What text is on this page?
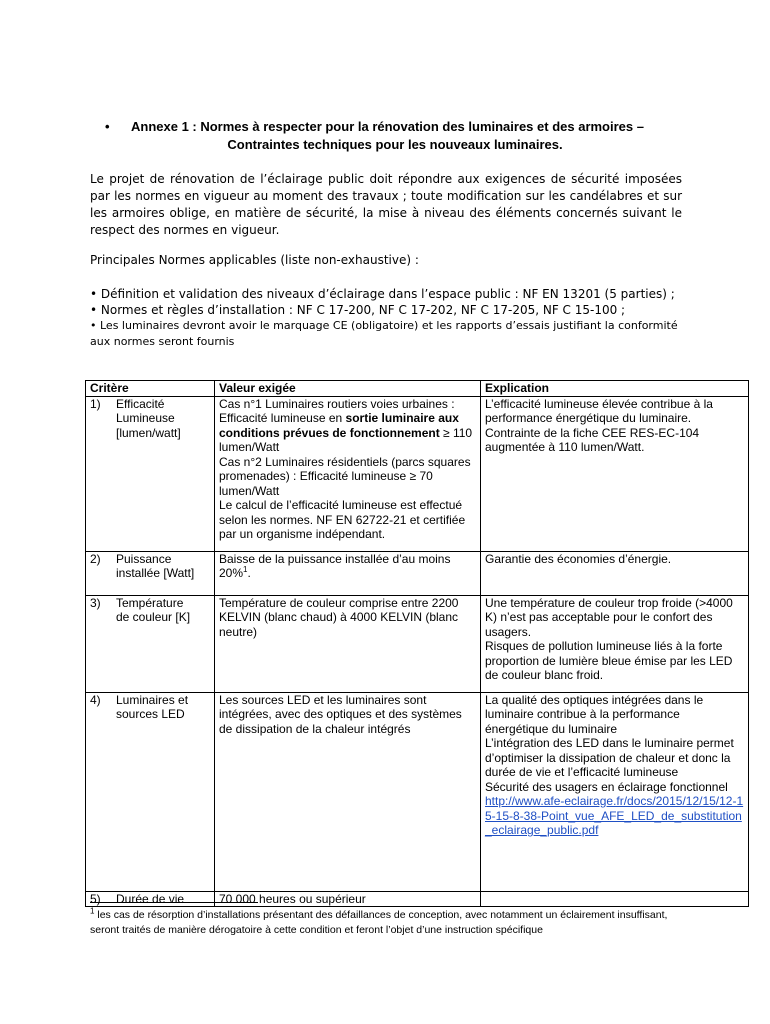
• Annexe 1 : Normes à respecter pour la rénovation des luminaires et des armoires –
Contraintes techniques pour les nouveaux luminaires.
Le projet de rénovation de l’éclairage public doit répondre aux exigences de sécurité imposées par les normes en vigueur au moment des travaux ; toute modification sur les candélabres et sur les armoires oblige, en matière de sécurité, la mise à niveau des éléments concernés suivant le respect des normes en vigueur.
Principales Normes applicables (liste non-exhaustive) :
• Définition et validation des niveaux d’éclairage dans l’espace public : NF EN 13201 (5 parties) ;
• Normes et règles d’installation : NF C 17-200, NF C 17-202, NF C 17-205, NF C 15-100 ;
• Les luminaires devront avoir le marquage CE (obligatoire) et les rapports d’essais justifiant la conformité
aux normes seront fournis
Critère	Valeur exigée	Explication
1) Efficacité Lumineuse [lumen/watt]	Cas n°1 Luminaires routiers voies urbaines : Efficacité lumineuse en sortie luminaire aux conditions prévues de fonctionnement ≥ 110 lumen/Watt
Cas n°2 Luminaires résidentiels (parcs squares promenades) : Efficacité lumineuse ≥ 70 lumen/Watt
Le calcul de l’efficacité lumineuse est effectué selon les normes. NF EN 62722-21 et certifiée par un organisme indépendant.	L’efficacité lumineuse élevée contribue à la performance énergétique du luminaire. Contrainte de la fiche CEE RES-EC-104 augmentée à 110 lumen/Watt.
2) Puissance installée [Watt]	Baisse de la puissance installée d’au moins 20%$^1$.	Garantie des économies d’énergie.
3) Température de couleur [K]	Température de couleur comprise entre 2200 KELVIN (blanc chaud) à 4000 KELVIN (blanc neutre)	Une température de couleur trop froide (>4000 K) n’est pas acceptable pour le confort des usagers.
Risques de pollution lumineuse liés à la forte proportion de lumière bleue émise par les LED de couleur blanc froid.

4) Luminaires et sources LED	Les sources LED et les luminaires sont intégrées, avec des optiques et des systèmes de dissipation de la chaleur intégrés	La qualité des optiques intégrées dans le luminaire contribue à la performance énergétique du luminaire
L’intégration des LED dans le luminaire permet d’optimiser la dissipation de chaleur et donc la durée de vie et l’efficacité lumineuse
Sécurité des usagers en éclairage fonctionnel
http://www.afe-eclairage.fr/docs/2015/12/15/12-15-15-8-38-Point_vue_AFE_LED_de_substitution_eclairage_public.pdf
5) Durée de vie	70 000 heures ou supérieur	
$^1$ les cas de résorption d’installations présentant des défaillances de conception, avec notamment un éclairement insuffisant, seront traités de manière dérogatoire à cette condition et feront l’objet d’une instruction spécifique
